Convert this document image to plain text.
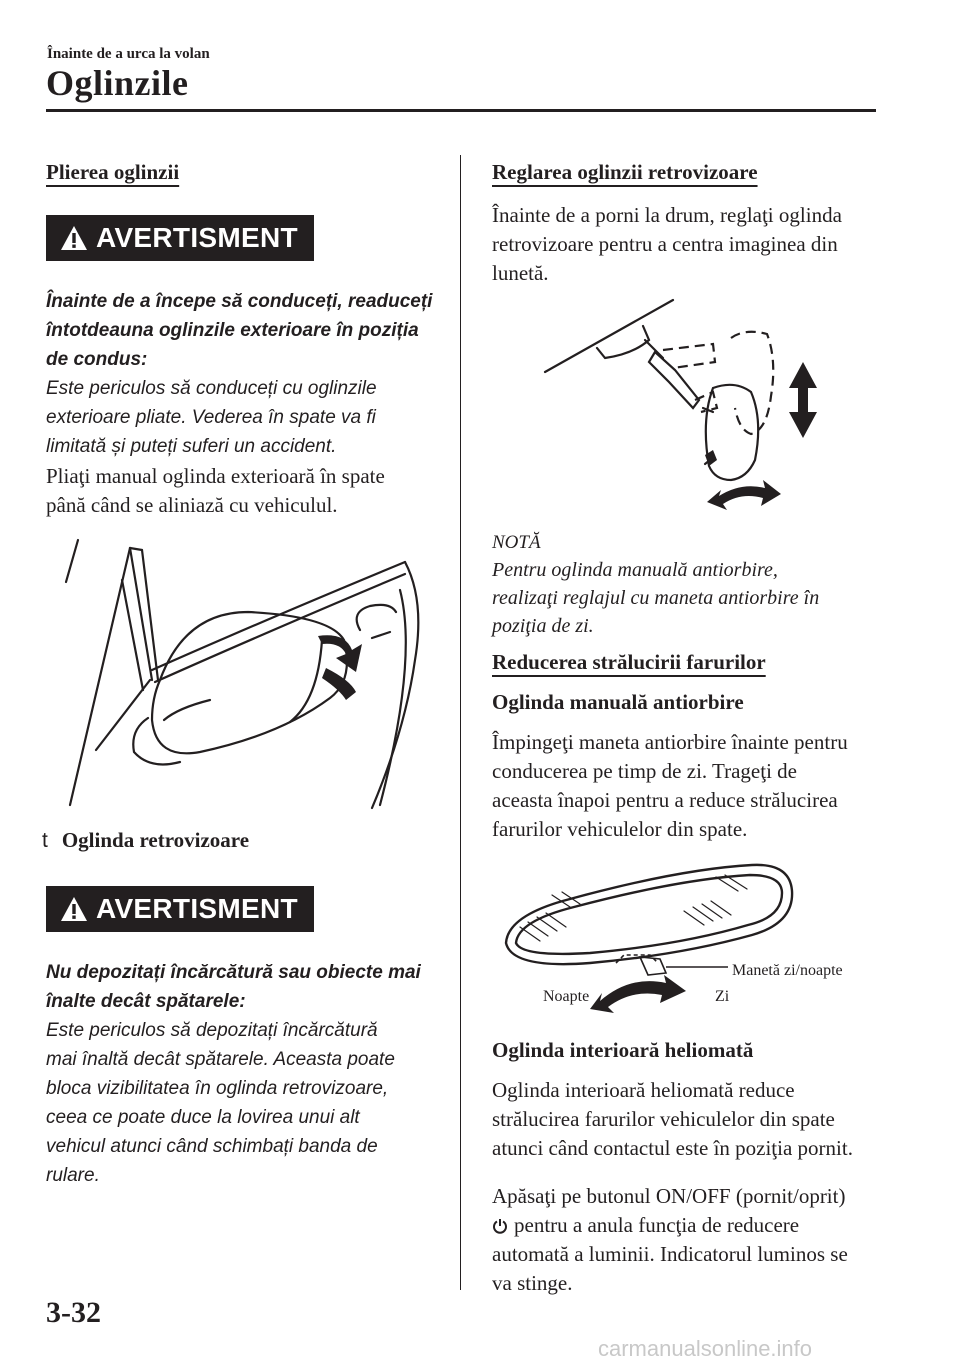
Înainte de a urca la volan
Oglinzile
Plierea oglinzii
AVERTISMENT
Înainte de a începe să conduceți, readuceți
întotdeauna oglinzile exterioare în poziția
de condus:
Este periculos să conduceți cu oglinzile
exterioare pliate. Vederea în spate va fi
limitată și puteți suferi un accident.
Pliaţi manual oglinda exterioară în spate
până când se aliniază cu vehiculul.
t Oglinda retrovizoare
AVERTISMENT
Nu depozitați încărcătură sau obiecte mai
înalte decât spătarele:
Este periculos să depozitați încărcătură
mai înaltă decât spătarele. Aceasta poate
bloca vizibilitatea în oglinda retrovizoare,
ceea ce poate duce la lovirea unui alt
vehicul atunci când schimbați banda de
rulare.
Reglarea oglinzii retrovizoare
Înainte de a porni la drum, reglaţi oglinda
retrovizoare pentru a centra imaginea din
lunetă.
NOTĂ
Pentru oglinda manuală antiorbire,
realizaţi reglajul cu maneta antiorbire în
poziţia de zi.
Reducerea strălucirii farurilor
Oglinda manuală antiorbire
Împingeţi maneta antiorbire înainte pentru
conducerea pe timp de zi. Trageţi de
aceasta înapoi pentru a reduce strălucirea
farurilor vehiculelor din spate.
Manetă zi/noapte
Noapte	Zi
Oglinda interioară heliomată
Oglinda interioară heliomată reduce
strălucirea farurilor vehiculelor din spate
atunci când contactul este în poziţia pornit.
Apăsaţi pe butonul ON/OFF (pornit/oprit)
pentru a anula funcţia de reducere
automată a luminii. Indicatorul luminos se
va stinge.
3-32
carmanualsonline.info
